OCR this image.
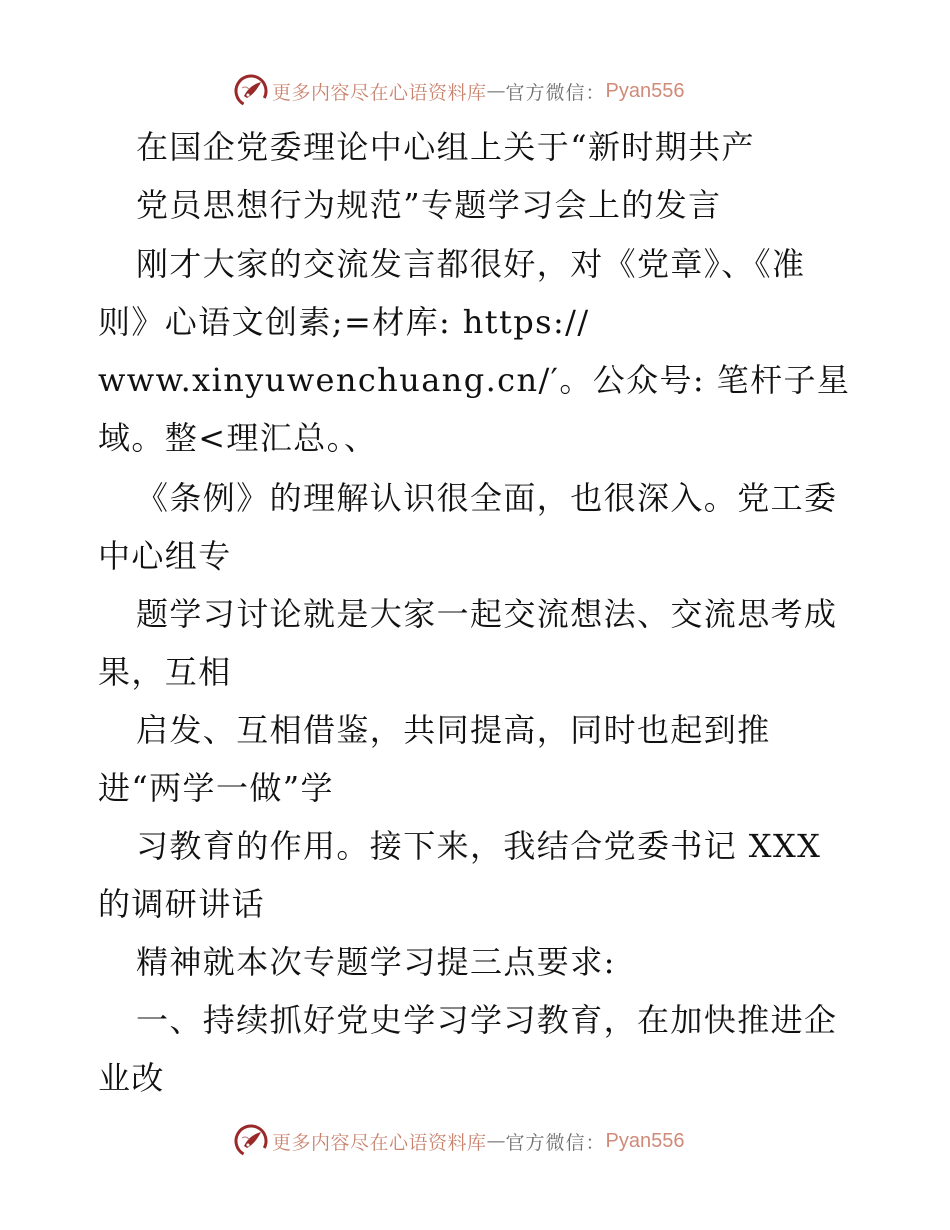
更多内容尽在心语资料库 — 官方微信： Pyan556
在国企党委理论中心组上关于“新时期共产
党员思想行为规范”专题学习会上的发言
刚才大家的交流发言都很好，对《党章》、《准
则》心语文创素;=材库: https://
www.xinyuwenchuang.cn/′。公众号: 笔杆子星
域。整<理汇总。、
《条例》的理解认识很全面，也很深入。党工委
中心组专
题学习讨论就是大家一起交流想法、交流思考成
果，互相
启发、互相借鉴，共同提高，同时也起到推
进“两学一做”学
习教育的作用。接下来，我结合党委书记 XXX
的调研讲话
精神就本次专题学习提三点要求:
一、持续抓好党史学习学习教育，在加快推进企
业改
更多内容尽在心语资料库 — 官方微信： Pyan556
